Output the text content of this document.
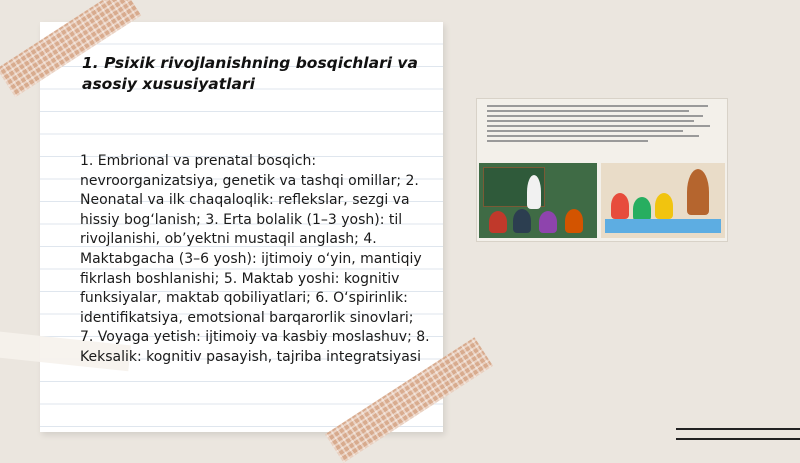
1. Psixik rivojlanishning bosqichlari va asosiy xususiyatlari
1. Embrional va prenatal bosqich: nevroorganizatsiya, genetik va tashqi omillar; 2. Neonatal va ilk chaqaloqlik: reflekslar, sezgi va hissiy bog‘lanish; 3. Erta bolalik (1–3 yosh): til rivojlanishi, ob’yektni mustaqil anglash; 4. Maktabgacha (3–6 yosh): ijtimoiy o‘yin, mantiqiy fikrlash boshlanishi; 5. Maktab yoshi: kognitiv funksiyalar, maktab qobiliyatlari; 6. O‘spirinlik: identifikatsiya, emotsional barqarorlik sinovlari; 7. Voyaga yetish: ijtimoiy va kasbiy moslashuv; 8. Keksalik: kognitiv pasayish, tajriba integratsiyasi
